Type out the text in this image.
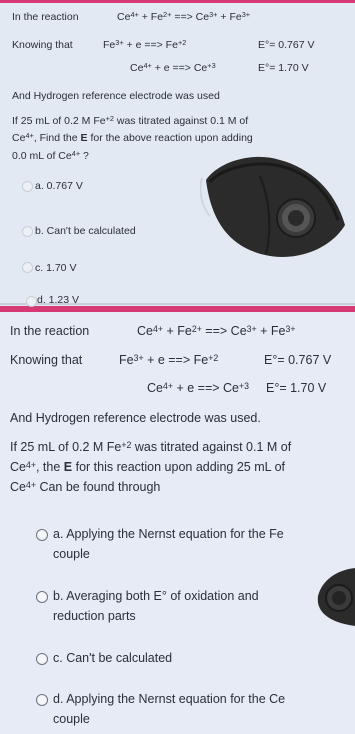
In the reaction	$Ce^{4+} + Fe^{2+}$ ==> $Ce^{3+} + Fe^{3+}$
Knowing that	$Fe^{3+} + e$ ==> $Fe^{+2}$	E°= 0.767 V
$Ce^{4+} + e$ ==> $Ce^{+3}$	E°= 1.70 V
And Hydrogen reference electrode was used
If 25 mL of 0.2 M $Fe^{+2}$ was titrated against 0.1 M of
$Ce^{4+}$, Find the E for the above reaction upon adding
0.0 mL of $Ce^{4+}$ ?
a. 0.767 V
b. Can't be calculated
c. 1.70 V
d. 1.23 V
In the reaction	$Ce^{4+} + Fe^{2+}$ ==> $Ce^{3+} + Fe^{3+}$
Knowing that	$Fe^{3+} + e$ ==> $Fe^{+2}$	E°= 0.767 V
$Ce^{4+} + e$ ==> $Ce^{+3}$ E°= 1.70 V
And Hydrogen reference electrode was used.
If 25 mL of 0.2 M $Fe^{+2}$ was titrated against 0.1 M of
$Ce^{4+}$, the E for this reaction upon adding 25 mL of
$Ce^{4+}$ Can be found through
a. Applying the Nernst equation for the Fe
couple
b. Averaging both E° of oxidation and
reduction parts
c. Can't be calculated
d. Applying the Nernst equation for the Ce
couple
